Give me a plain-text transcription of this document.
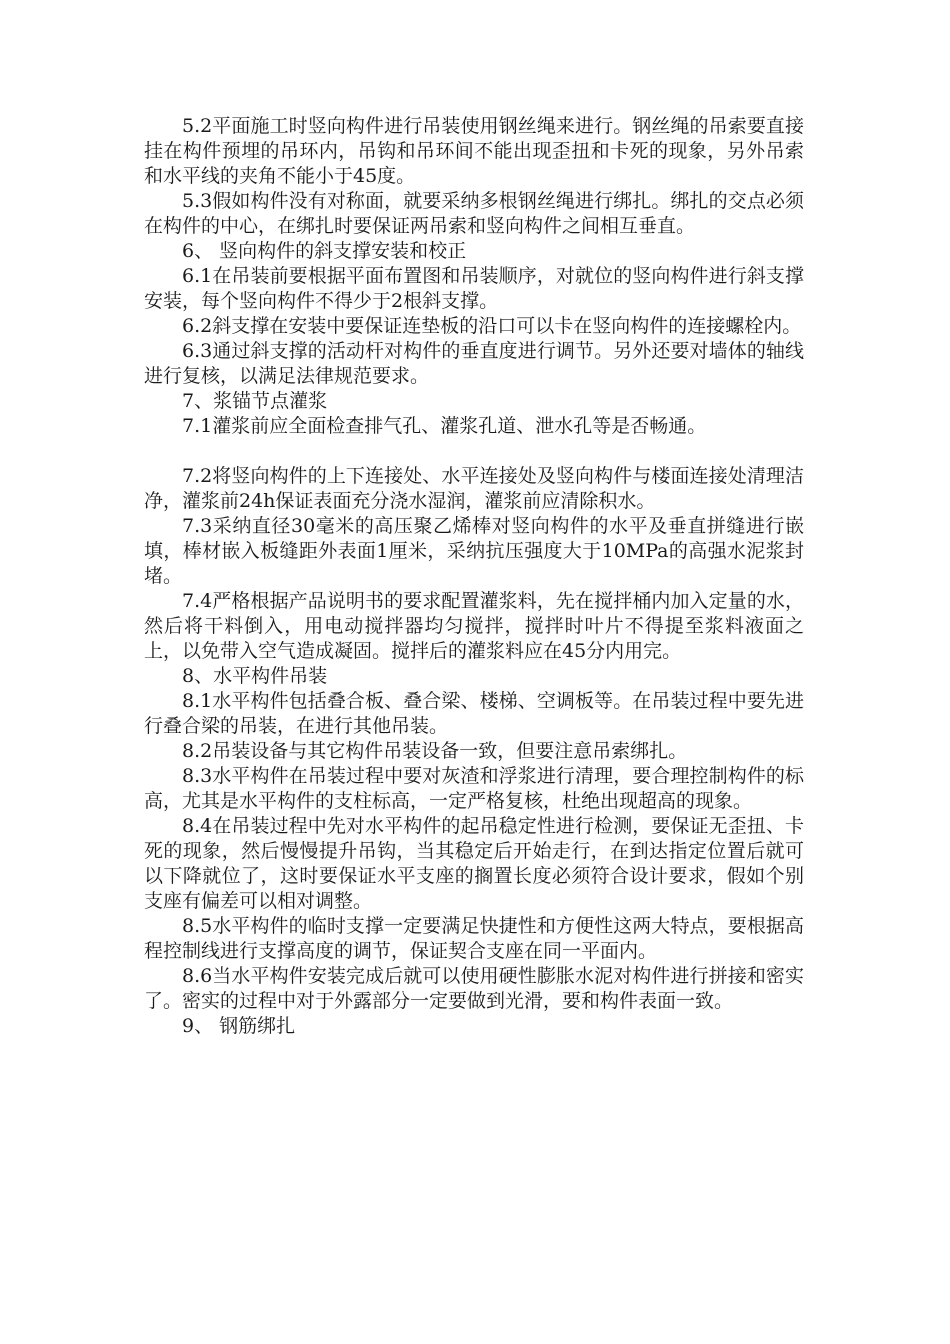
5.2平面施工时竖向构件进行吊装使用钢丝绳来进行。钢丝绳的吊索要直接挂在构件预埋的吊环内，吊钩和吊环间不能出现歪扭和卡死的现象，另外吊索和水平线的夹角不能小于45度。

5.3假如构件没有对称面，就要采纳多根钢丝绳进行绑扎。绑扎的交点必须在构件的中心，在绑扎时要保证两吊索和竖向构件之间相互垂直。

6、 竖向构件的斜支撑安装和校正

6.1在吊装前要根据平面布置图和吊装顺序，对就位的竖向构件进行斜支撑安装，每个竖向构件不得少于2根斜支撑。

6.2斜支撑在安装中要保证连垫板的沿口可以卡在竖向构件的连接螺栓内。

6.3通过斜支撑的活动杆对构件的垂直度进行调节。另外还要对墙体的轴线进行复核，以满足法律规范要求。

7、浆锚节点灌浆

7.1灌浆前应全面检查排气孔、灌浆孔道、泄水孔等是否畅通。

7.2将竖向构件的上下连接处、水平连接处及竖向构件与楼面连接处清理洁净，灌浆前24h保证表面充分浇水湿润，灌浆前应清除积水。

7.3采纳直径30毫米的高压聚乙烯棒对竖向构件的水平及垂直拼缝进行嵌填，棒材嵌入板缝距外表面1厘米，采纳抗压强度大于10MPa的高强水泥浆封堵。

7.4严格根据产品说明书的要求配置灌浆料，先在搅拌桶内加入定量的水，然后将干料倒入，用电动搅拌器均匀搅拌，搅拌时叶片不得提至浆料液面之上，以免带入空气造成凝固。搅拌后的灌浆料应在45分内用完。

8、水平构件吊装

8.1水平构件包括叠合板、叠合梁、楼梯、空调板等。在吊装过程中要先进行叠合梁的吊装，在进行其他吊装。

8.2吊装设备与其它构件吊装设备一致，但要注意吊索绑扎。

8.3水平构件在吊装过程中要对灰渣和浮浆进行清理，要合理控制构件的标高，尤其是水平构件的支柱标高，一定严格复核，杜绝出现超高的现象。

8.4在吊装过程中先对水平构件的起吊稳定性进行检测，要保证无歪扭、卡死的现象，然后慢慢提升吊钩，当其稳定后开始走行，在到达指定位置后就可以下降就位了，这时要保证水平支座的搁置长度必须符合设计要求，假如个别支座有偏差可以相对调整。

8.5水平构件的临时支撑一定要满足快捷性和方便性这两大特点，要根据高程控制线进行支撑高度的调节，保证契合支座在同一平面内。

8.6当水平构件安装完成后就可以使用硬性膨胀水泥对构件进行拼接和密实了。密实的过程中对于外露部分一定要做到光滑，要和构件表面一致。

9、 钢筋绑扎
